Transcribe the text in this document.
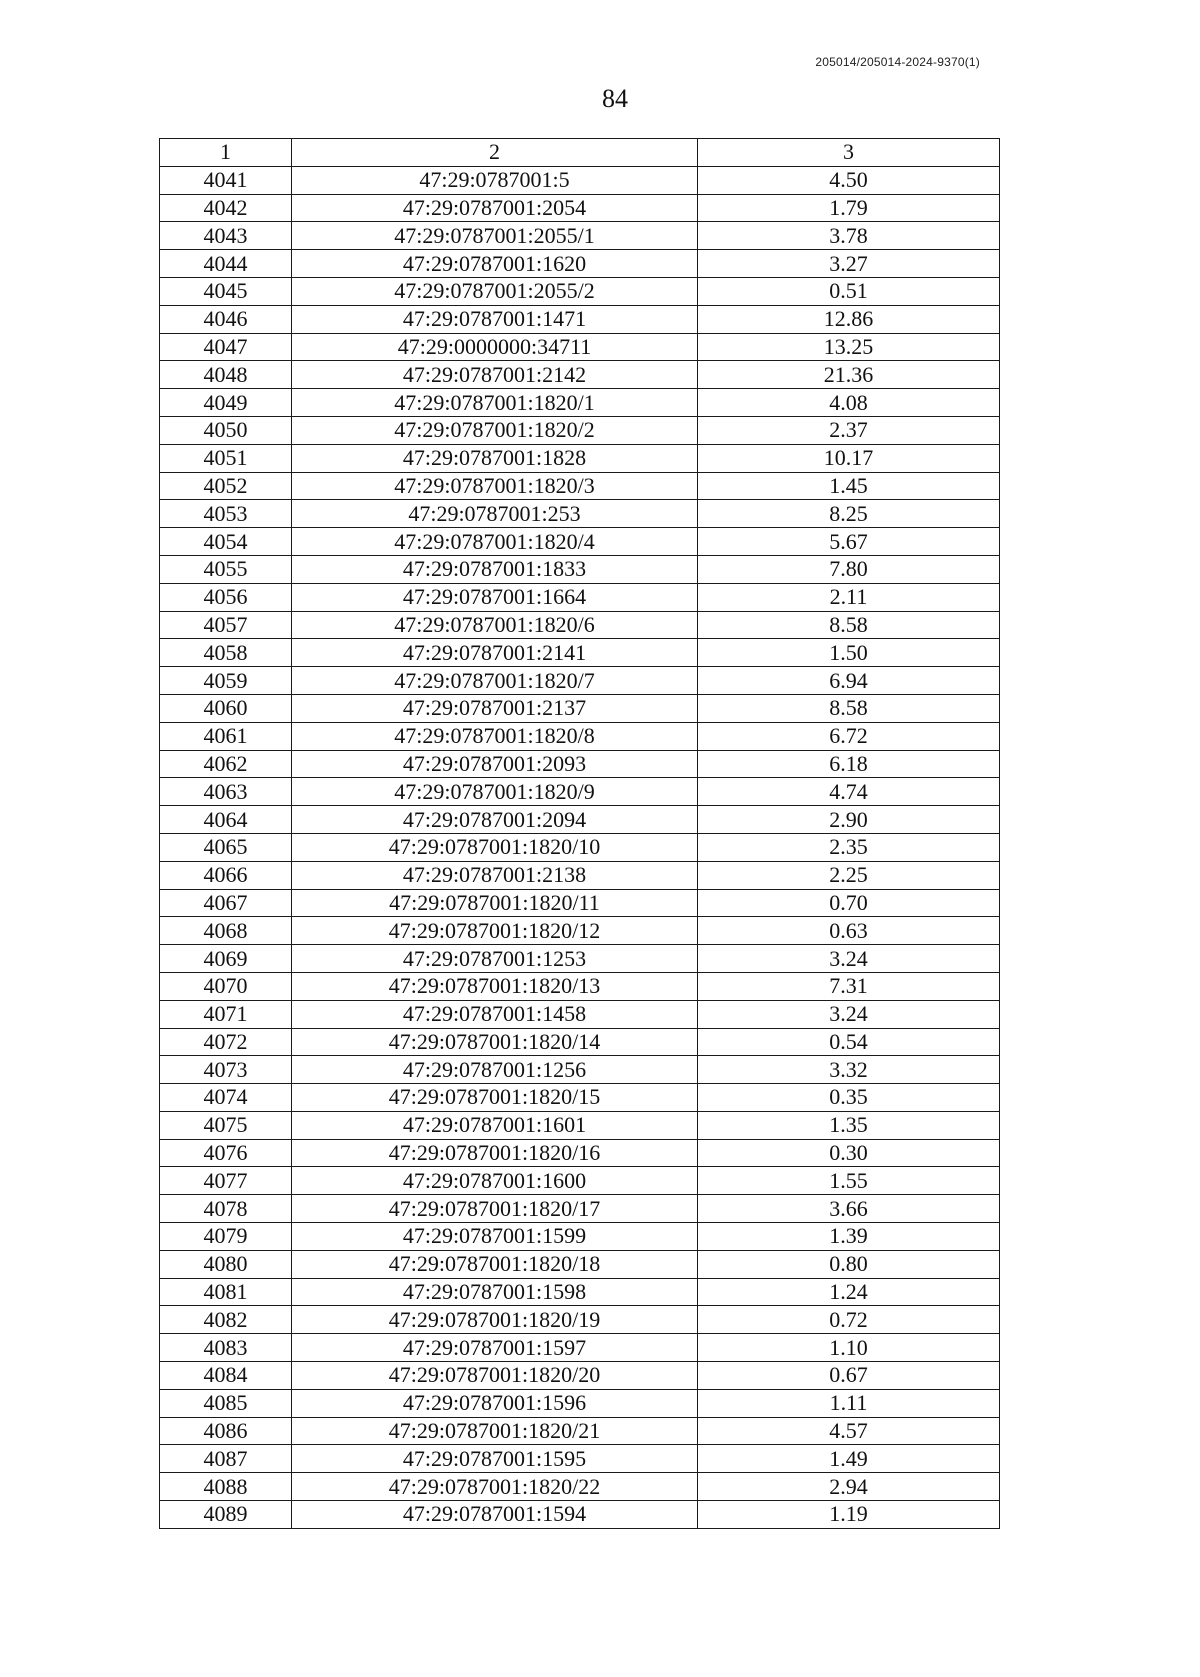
205014/205014-2024-9370(1)
84
1	2	3
4041	47:29:0787001:5	4.50
4042	47:29:0787001:2054	1.79
4043	47:29:0787001:2055/1	3.78
4044	47:29:0787001:1620	3.27
4045	47:29:0787001:2055/2	0.51
4046	47:29:0787001:1471	12.86
4047	47:29:0000000:34711	13.25
4048	47:29:0787001:2142	21.36
4049	47:29:0787001:1820/1	4.08
4050	47:29:0787001:1820/2	2.37
4051	47:29:0787001:1828	10.17
4052	47:29:0787001:1820/3	1.45
4053	47:29:0787001:253	8.25
4054	47:29:0787001:1820/4	5.67
4055	47:29:0787001:1833	7.80
4056	47:29:0787001:1664	2.11
4057	47:29:0787001:1820/6	8.58
4058	47:29:0787001:2141	1.50
4059	47:29:0787001:1820/7	6.94
4060	47:29:0787001:2137	8.58
4061	47:29:0787001:1820/8	6.72
4062	47:29:0787001:2093	6.18
4063	47:29:0787001:1820/9	4.74
4064	47:29:0787001:2094	2.90
4065	47:29:0787001:1820/10	2.35
4066	47:29:0787001:2138	2.25
4067	47:29:0787001:1820/11	0.70
4068	47:29:0787001:1820/12	0.63
4069	47:29:0787001:1253	3.24
4070	47:29:0787001:1820/13	7.31
4071	47:29:0787001:1458	3.24
4072	47:29:0787001:1820/14	0.54
4073	47:29:0787001:1256	3.32
4074	47:29:0787001:1820/15	0.35
4075	47:29:0787001:1601	1.35
4076	47:29:0787001:1820/16	0.30
4077	47:29:0787001:1600	1.55
4078	47:29:0787001:1820/17	3.66
4079	47:29:0787001:1599	1.39
4080	47:29:0787001:1820/18	0.80
4081	47:29:0787001:1598	1.24
4082	47:29:0787001:1820/19	0.72
4083	47:29:0787001:1597	1.10
4084	47:29:0787001:1820/20	0.67
4085	47:29:0787001:1596	1.11
4086	47:29:0787001:1820/21	4.57
4087	47:29:0787001:1595	1.49
4088	47:29:0787001:1820/22	2.94
4089	47:29:0787001:1594	1.19
